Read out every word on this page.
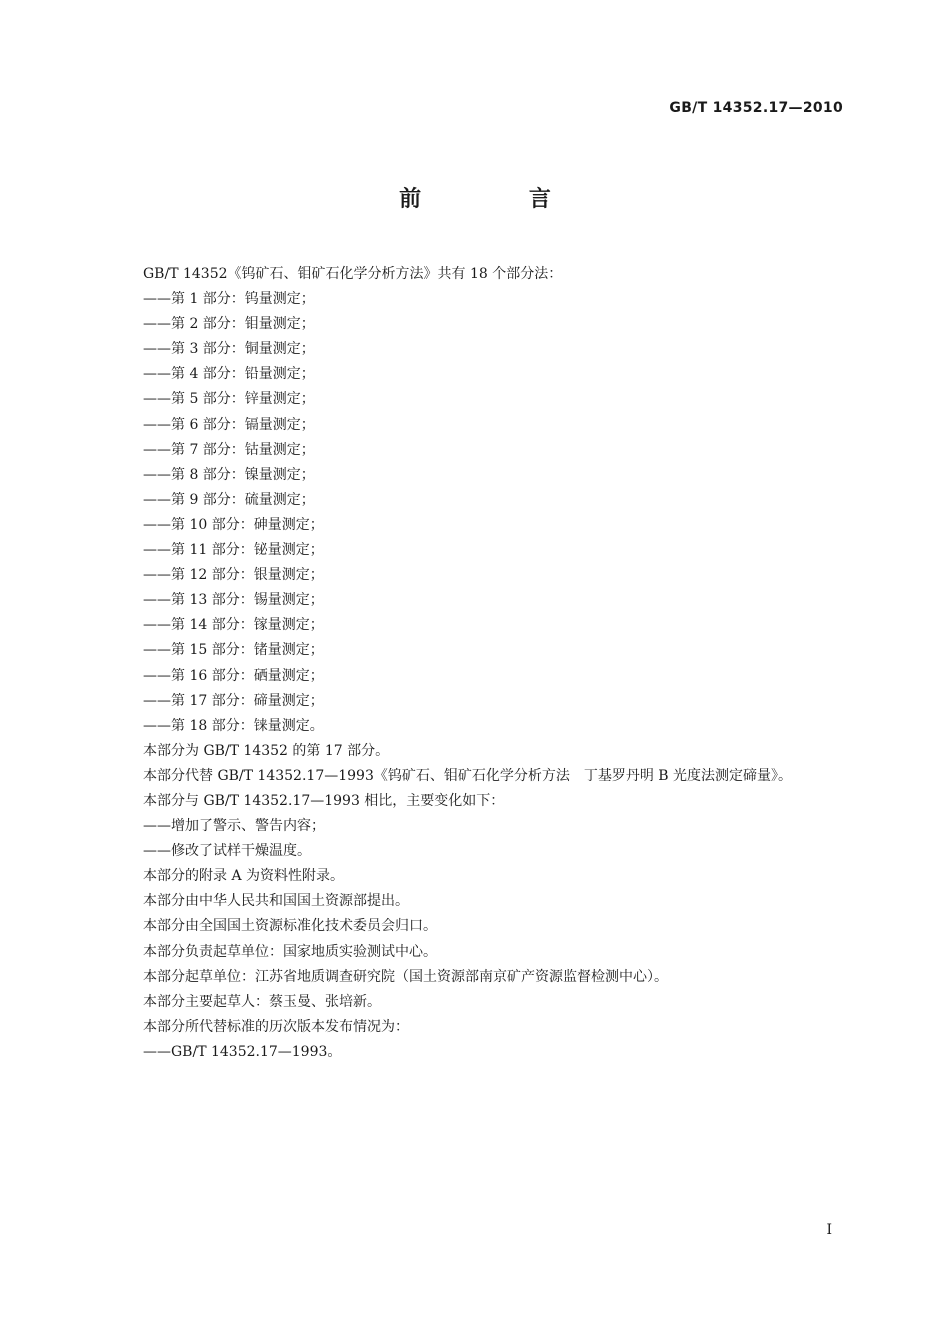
GB/T 14352.17—2010
前 言
GB/T 14352《钨矿石、钼矿石化学分析方法》共有 18 个部分法：
——第 1 部分：钨量测定；
——第 2 部分：钼量测定；
——第 3 部分：铜量测定；
——第 4 部分：铅量测定；
——第 5 部分：锌量测定；
——第 6 部分：镉量测定；
——第 7 部分：钴量测定；
——第 8 部分：镍量测定；
——第 9 部分：硫量测定；
——第 10 部分：砷量测定；
——第 11 部分：铋量测定；
——第 12 部分：银量测定；
——第 13 部分：锡量测定；
——第 14 部分：镓量测定；
——第 15 部分：锗量测定；
——第 16 部分：硒量测定；
——第 17 部分：碲量测定；
——第 18 部分：铼量测定。
本部分为 GB/T 14352 的第 17 部分。
本部分代替 GB/T 14352.17—1993《钨矿石、钼矿石化学分析方法　丁基罗丹明 B 光度法测定碲量》。
本部分与 GB/T 14352.17—1993 相比，主要变化如下：
——增加了警示、警告内容；
——修改了试样干燥温度。
本部分的附录 A 为资料性附录。
本部分由中华人民共和国国土资源部提出。
本部分由全国国土资源标准化技术委员会归口。
本部分负责起草单位：国家地质实验测试中心。
本部分起草单位：江苏省地质调查研究院（国土资源部南京矿产资源监督检测中心）。
本部分主要起草人：蔡玉曼、张培新。
本部分所代替标准的历次版本发布情况为：
——GB/T 14352.17—1993。
I
